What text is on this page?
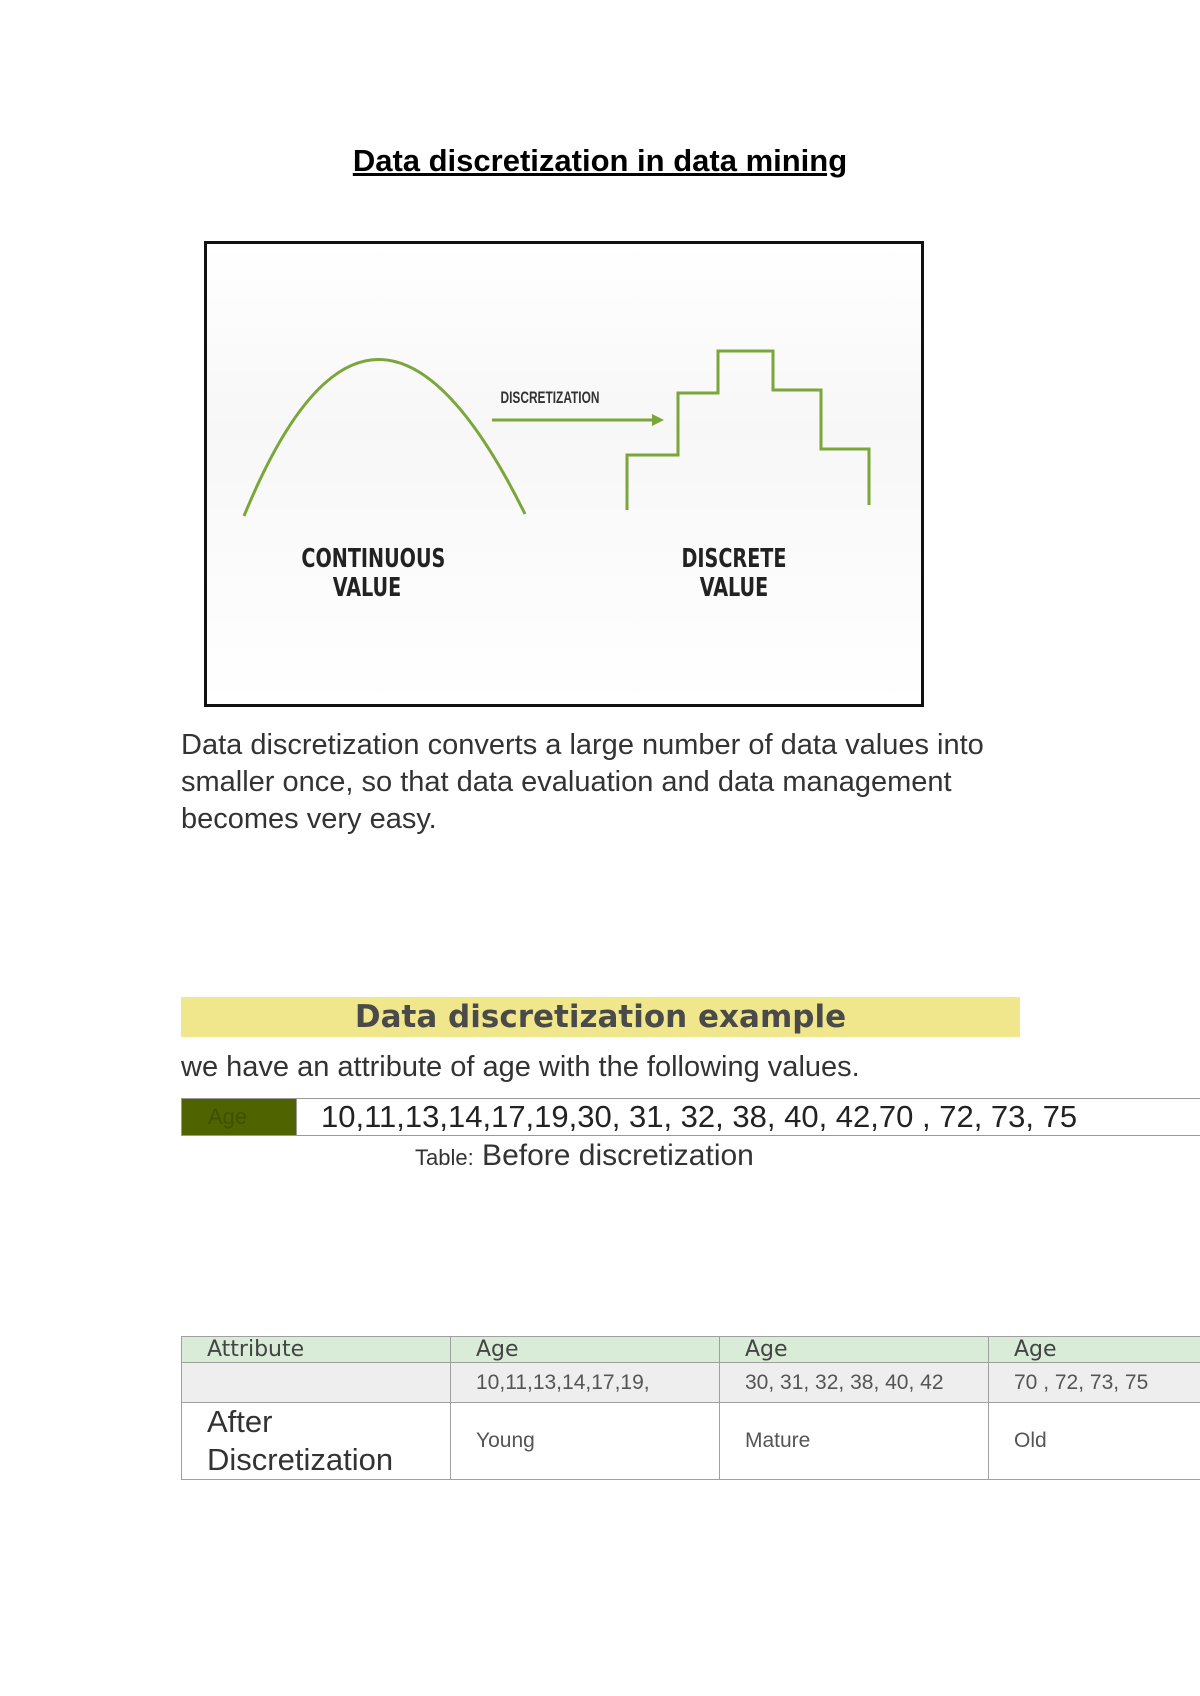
Data discretization in data mining
DISCRETIZATION
CONTINUOUS
VALUE
DISCRETE
VALUE
Data discretization converts a large number of data values into smaller once, so that data evaluation and data management becomes very easy.
Data discretization example
we have an attribute of age with the following values.
Age	10,11,13,14,17,19,30, 31, 32, 38, 40, 42,70 , 72, 73, 75
Table: Before discretization
Attribute	Age	Age	Age
	10,11,13,14,17,19,	30, 31, 32, 38, 40, 42	70 , 72, 73, 75
After Discretization	Young	Mature	Old
